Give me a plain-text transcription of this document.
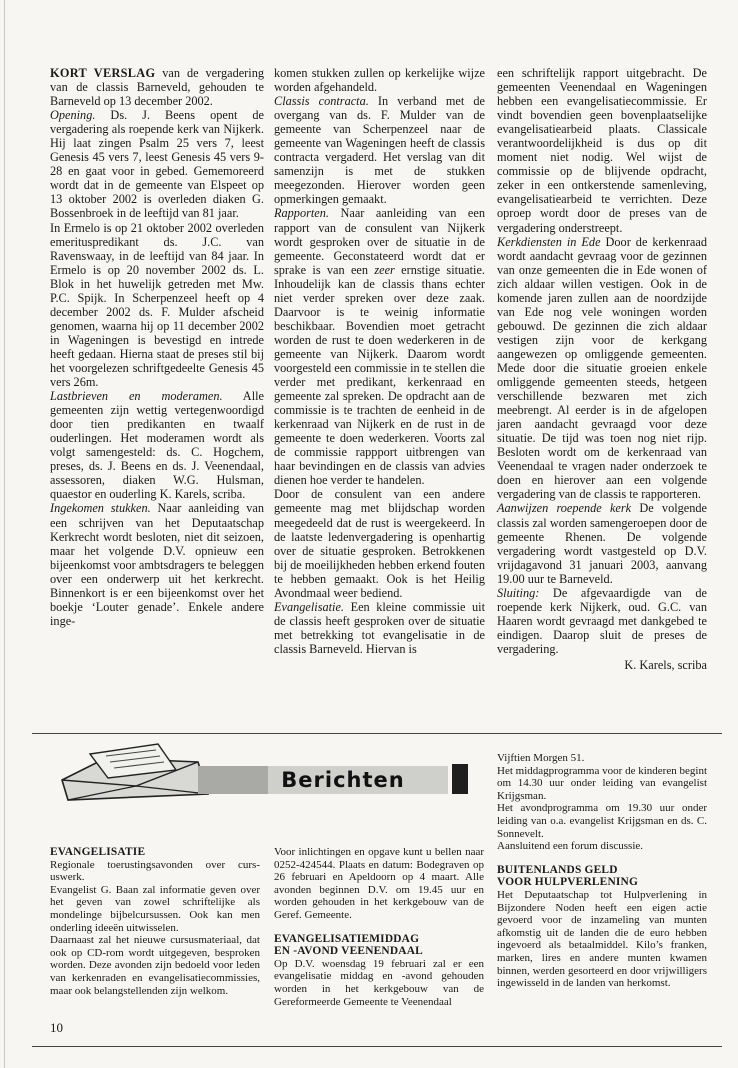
KORT VERSLAG van de vergadering van de classis Barneveld, gehouden te Barneveld op 13 december 2002.

Opening. Ds. J. Beens opent de vergadering als roepende kerk van Nijkerk. Hij laat zingen Psalm 25 vers 7, leest Genesis 45 vers 7, leest Genesis 45 vers 9-28 en gaat voor in gebed. Gememoreerd wordt dat in de gemeente van Elspeet op 13 oktober 2002 is overleden diaken G. Bossenbroek in de leeftijd van 81 jaar.

In Ermelo is op 21 oktober 2002 overleden emerituspredikant ds. J.C. van Ravenswaay, in de leeftijd van 84 jaar. In Ermelo is op 20 november 2002 ds. L. Blok in het huwelijk getreden met Mw. P.C. Spijk. In Scherpenzeel heeft op 4 december 2002 ds. F. Mulder afscheid genomen, waarna hij op 11 december 2002 in Wageningen is bevestigd en intrede heeft gedaan. Hierna staat de preses stil bij het voorgelezen schriftgedeelte Genesis 45 vers 26m.

Lastbrieven en moderamen. Alle gemeenten zijn wettig vertegenwoordigd door tien predikanten en twaalf ouderlingen. Het moderamen wordt als volgt samengesteld: ds. C. Hogchem, preses, ds. J. Beens en ds. J. Veenendaal, assessoren, diaken W.G. Hulsman, quaestor en ouderling K. Karels, scriba.

Ingekomen stukken. Naar aanleiding van een schrijven van het Deputaatschap Kerkrecht wordt besloten, niet dit seizoen, maar het volgende D.V. opnieuw een bijeenkomst voor ambtsdragers te beleggen over een onderwerp uit het kerkrecht. Binnenkort is er een bijeenkomst over het boekje ‘Louter genade’. Enkele andere inge-

komen stukken zullen op kerkelijke wijze worden afgehandeld.

Classis contracta. In verband met de overgang van ds. F. Mulder van de gemeente van Scherpenzeel naar de gemeente van Wageningen heeft de classis contracta vergaderd. Het verslag van dit samenzijn is met de stukken meegezonden. Hierover worden geen opmerkingen gemaakt.

Rapporten. Naar aanleiding van een rapport van de consulent van Nijkerk wordt gesproken over de situatie in de gemeente. Geconstateerd wordt dat er sprake is van een zeer ernstige situatie. Inhoudelijk kan de classis thans echter niet verder spreken over deze zaak. Daarvoor is te weinig informatie beschikbaar. Bovendien moet getracht worden de rust te doen wederkeren in de gemeente van Nijkerk. Daarom wordt voorgesteld een commissie in te stellen die verder met predikant, kerkenraad en gemeente zal spreken. De opdracht aan de commissie is te trachten de eenheid in de kerkenraad van Nijkerk en de rust in de gemeente te doen wederkeren. Voorts zal de commissie rappport uitbrengen van haar bevindingen en de classis van advies dienen hoe verder te handelen.

Door de consulent van een andere gemeente mag met blijdschap worden meegedeeld dat de rust is weergekeerd. In de laatste ledenvergadering is openhartig over de situatie gesproken. Betrokkenen bij de moeilijkheden hebben erkend fouten te hebben gemaakt. Ook is het Heilig Avondmaal weer bediend.

Evangelisatie. Een kleine commissie uit de classis heeft gesproken over de situatie met betrekking tot evangelisatie in de classis Barneveld. Hiervan is

een schriftelijk rapport uitgebracht. De gemeenten Veenendaal en Wageningen hebben een evangelisatiecommissie. Er vindt bovendien geen bovenplaatselijke evangelisatiearbeid plaats. Classicale verantwoordelijkheid is dus op dit moment niet nodig. Wel wijst de commissie op de blijvende opdracht, zeker in een ontkerstende samenleving, evangelisatiearbeid te verrichten. Deze oproep wordt door de preses van de vergadering onderstreept.

Kerkdiensten in Ede Door de kerkenraad wordt aandacht gevraag voor de gezinnen van onze gemeenten die in Ede wonen of zich aldaar willen vestigen. Ook in de komende jaren zullen aan de noordzijde van Ede nog vele woningen worden gebouwd. De gezinnen die zich aldaar vestigen zijn voor de kerkgang aangewezen op omliggende gemeenten. Mede door die situatie groeien enkele omliggende gemeenten steeds, hetgeen verschillende bezwaren met zich meebrengt. Al eerder is in de afgelopen jaren aandacht gevraagd voor deze situatie. De tijd was toen nog niet rijp. Besloten wordt om de kerkenraad van Veenendaal te vragen nader onderzoek te doen en hierover aan een volgende vergadering van de classis te rapporteren.

Aanwijzen roepende kerk De volgende classis zal worden samengeroepen door de gemeente Rhenen. De volgende vergadering wordt vastgesteld op D.V. vrijdagavond 31 januari 2003, aanvang 19.00 uur te Barneveld.

Sluiting: De afgevaardigde van de roepende kerk Nijkerk, oud. G.C. van Haaren wordt gevraagd met dankgebed te eindigen. Daarop sluit de preses de vergadering.

K. Karels, scriba

Berichten
EVANGELISATIE

Regionale toerustingsavonden over cursuswerk.

Evangelist G. Baan zal informatie geven over het geven van zowel schriftelijke als mondelinge bijbelcursussen. Ook kan men onderling ideeën uitwisselen.

Daarnaast zal het nieuwe cursusmateriaal, dat ook op CD-rom wordt uitgegeven, besproken worden. Deze avonden zijn bedoeld voor leden van kerkenraden en evangelisatiecommissies, maar ook belangstellenden zijn welkom.

Voor inlichtingen en opgave kunt u bellen naar 0252-424544. Plaats en datum: Bodegraven op 26 februari en Apeldoorn op 4 maart. Alle avonden beginnen D.V. om 19.45 uur en worden gehouden in het kerkgebouw van de Geref. Gemeente.

EVANGELISATIEMIDDAG
EN -AVOND VEENENDAAL

Op D.V. woensdag 19 februari zal er een evangelisatie middag en -avond gehouden worden in het kerkgebouw van de Gereformeerde Gemeente te Veenendaal

Vijftien Morgen 51.

Het middagprogramma voor de kinderen begint om 14.30 uur onder leiding van evangelist Krijgsman.

Het avondprogramma om 19.30 uur onder leiding van o.a. evangelist Krijgsman en ds. C. Sonnevelt.

Aansluitend een forum discussie.

BUITENLANDS GELD
VOOR HULPVERLENING

Het Deputaatschap tot Hulpverlening in Bijzondere Noden heeft een eigen actie gevoerd voor de inzameling van munten afkomstig uit de landen die de euro hebben ingevoerd als betaalmiddel. Kilo’s franken, marken, lires en andere munten kwamen binnen, werden gesorteerd en door vrijwilligers ingewisseld in de landen van herkomst.

10
